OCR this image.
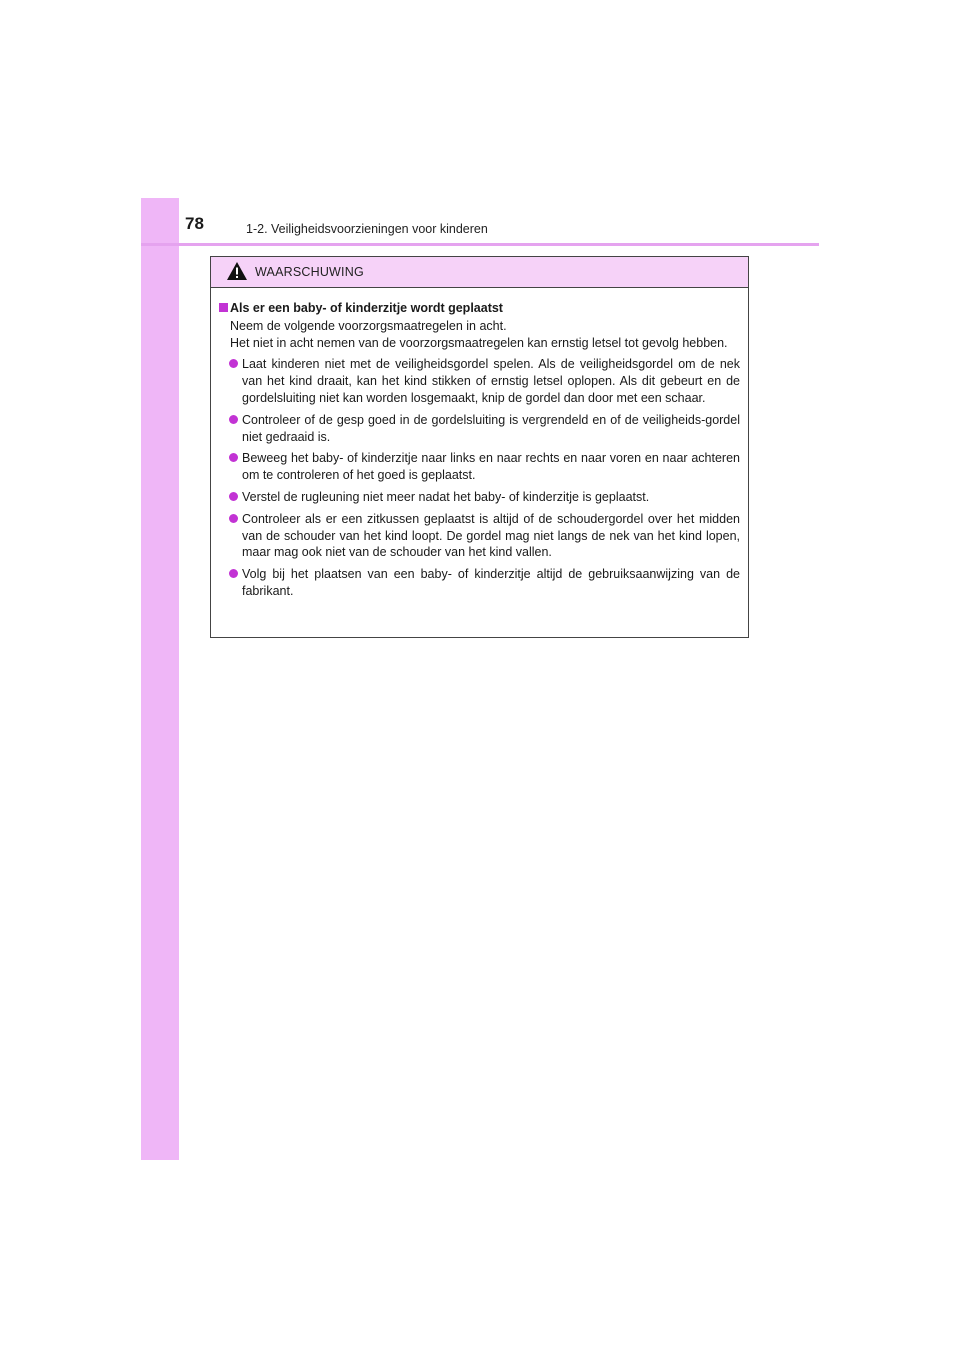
78	1-2. Veiligheidsvoorzieningen voor kinderen
WAARSCHUWING
Als er een baby- of kinderzitje wordt geplaatst

Neem de volgende voorzorgsmaatregelen in acht.

Het niet in acht nemen van de voorzorgsmaatregelen kan ernstig letsel tot gevolg hebben.

Laat kinderen niet met de veiligheidsgordel spelen. Als de veiligheidsgordel om de nek van het kind draait, kan het kind stikken of ernstig letsel oplopen. Als dit gebeurt en de gordelsluiting niet kan worden losgemaakt, knip de gordel dan door met een schaar.
Controleer of de gesp goed in de gordelsluiting is vergrendeld en of de veiligheids-gordel niet gedraaid is.
Beweeg het baby- of kinderzitje naar links en naar rechts en naar voren en naar achteren om te controleren of het goed is geplaatst.
Verstel de rugleuning niet meer nadat het baby- of kinderzitje is geplaatst.
Controleer als er een zitkussen geplaatst is altijd of de schoudergordel over het midden van de schouder van het kind loopt. De gordel mag niet langs de nek van het kind lopen, maar mag ook niet van de schouder van het kind vallen.
Volg bij het plaatsen van een baby- of kinderzitje altijd de gebruiksaanwijzing van de fabrikant.
